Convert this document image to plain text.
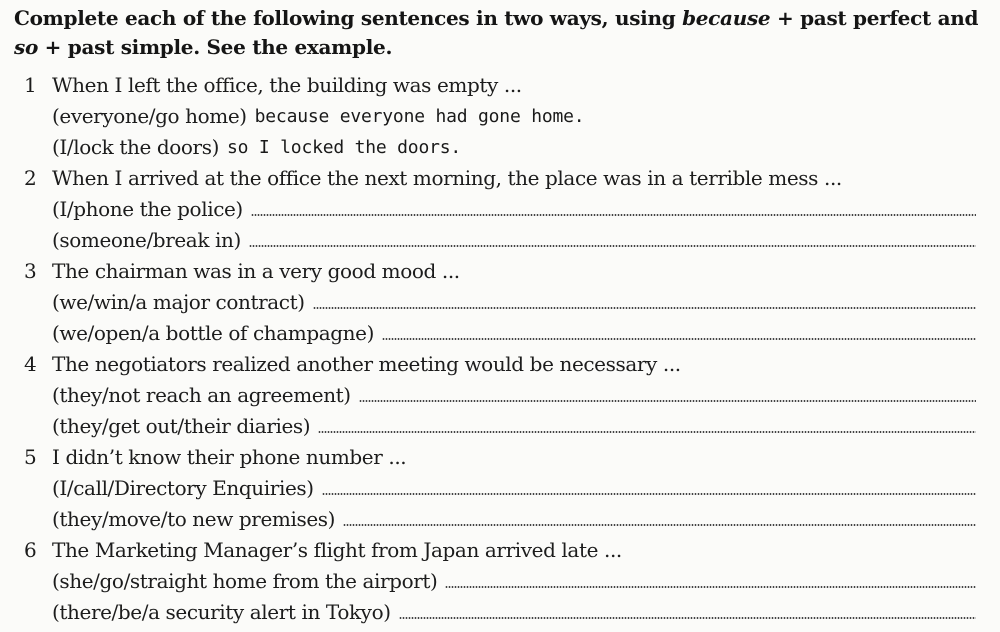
Complete each of the following sentences in two ways, using because + past perfect and so + past simple. See the example.
1 When I left the office, the building was empty ...
(everyone/go home) because everyone had gone home.
(I/lock the doors) so I locked the doors.
2 When I arrived at the office the next morning, the place was in a terrible mess ...
(I/phone the police)
(someone/break in)
3 The chairman was in a very good mood ...
(we/win/a major contract)
(we/open/a bottle of champagne)
4 The negotiators realized another meeting would be necessary ...
(they/not reach an agreement)
(they/get out/their diaries)
5 I didn’t know their phone number ...
(I/call/Directory Enquiries)
(they/move/to new premises)
6 The Marketing Manager’s flight from Japan arrived late ...
(she/go/straight home from the airport)
(there/be/a security alert in Tokyo)
